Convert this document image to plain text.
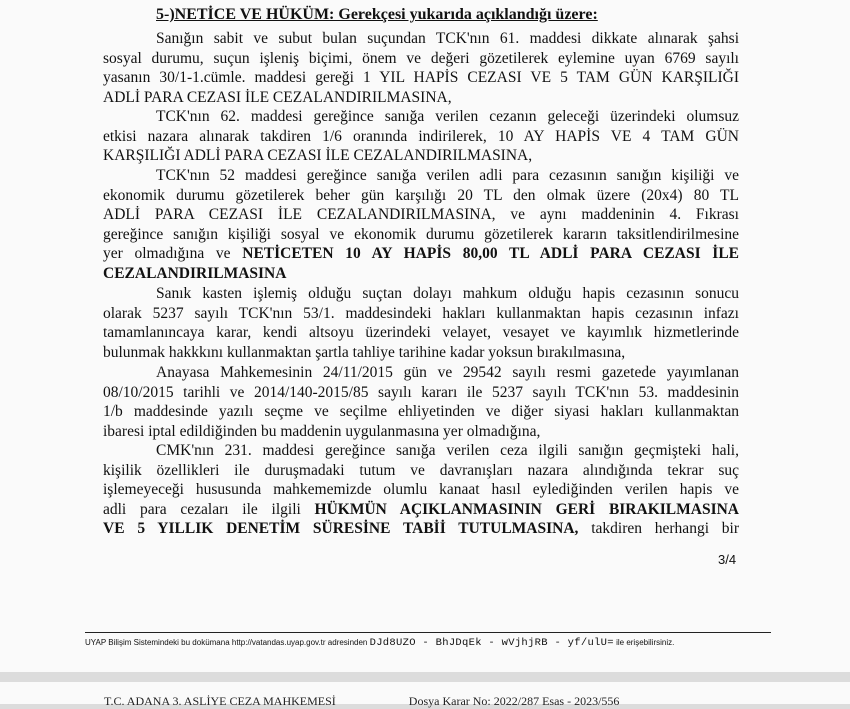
5-)NETİCE VE HÜKÜM: Gerekçesi yukarıda açıklandığı üzere:
Sanığın sabit ve subut bulan suçundan TCK'nın 61. maddesi dikkate alınarak şahsi
sosyal durumu, suçun işleniş biçimi, önem ve değeri gözetilerek eylemine uyan 6769 sayılı
yasanın 30/1-1.cümle. maddesi gereği 1 YIL HAPİS CEZASI VE 5 TAM GÜN KARŞILIĞI
ADLİ PARA CEZASI İLE CEZALANDIRILMASINA,
TCK'nın 62. maddesi gereğince sanığa verilen cezanın geleceği üzerindeki olumsuz
etkisi nazara alınarak takdiren 1/6 oranında indirilerek, 10 AY HAPİS VE 4 TAM GÜN
KARŞILIĞI ADLİ PARA CEZASI İLE CEZALANDIRILMASINA,
TCK'nın 52 maddesi gereğince sanığa verilen adli para cezasının sanığın kişiliği ve
ekonomik durumu gözetilerek beher gün karşılığı 20 TL den olmak üzere (20x4) 80 TL
ADLİ PARA CEZASI İLE CEZALANDIRILMASINA, ve aynı maddeninin 4. Fıkrası
gereğince sanığın kişiliği sosyal ve ekonomik durumu gözetilerek kararın taksitlendirilmesine
yer olmadığına ve NETİCETEN 10 AY HAPİS 80,00 TL ADLİ PARA CEZASI İLE
CEZALANDIRILMASINA
Sanık kasten işlemiş olduğu suçtan dolayı mahkum olduğu hapis cezasının sonucu
olarak 5237 sayılı TCK'nın 53/1. maddesindeki hakları kullanmaktan hapis cezasının infazı
tamamlanıncaya karar, kendi altsoyu üzerindeki velayet, vesayet ve kayımlık hizmetlerinde
bulunmak hakkkını kullanmaktan şartla tahliye tarihine kadar yoksun bırakılmasına,
Anayasa Mahkemesinin 24/11/2015 gün ve 29542 sayılı resmi gazetede yayımlanan
08/10/2015 tarihli ve 2014/140-2015/85 sayılı kararı ile 5237 sayılı TCK'nın 53. maddesinin
1/b maddesinde yazılı seçme ve seçilme ehliyetinden ve diğer siyasi hakları kullanmaktan
ibaresi iptal edildiğinden bu maddenin uygulanmasına yer olmadığına,
CMK'nın 231. maddesi gereğince sanığa verilen ceza ilgili sanığın geçmişteki hali,
kişilik özellikleri ile duruşmadaki tutum ve davranışları nazara alındığında tekrar suç
işlemeyeceği hususunda mahkememizde olumlu kanaat hasıl eylediğinden verilen hapis ve
adli para cezaları ile ilgili HÜKMÜN AÇIKLANMASININ GERİ BIRAKILMASINA
VE 5 YILLIK DENETİM SÜRESİNE TABİİ TUTULMASINA, takdiren herhangi bir
3/4
UYAP Bilişim Sistemindeki bu dokümana http://vatandas.uyap.gov.tr adresinden DJd8UZO - BhJDqEk - wVjhjRB - yf/ulU= ile erişebilirsiniz.
T.C. ADANA 3. ASLİYE CEZA MAHKEMESİ	Dosya Karar No: 2022/287 Esas - 2023/556
